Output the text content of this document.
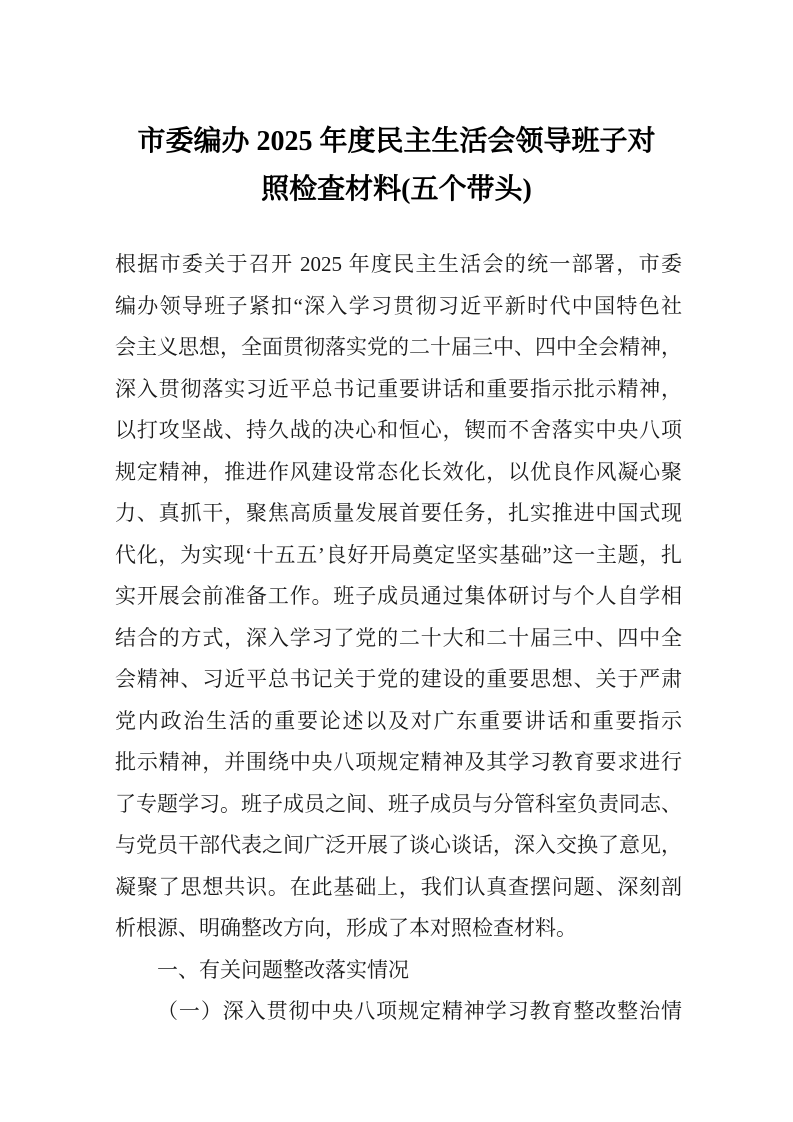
市委编办 2025 年度民主生活会领导班子对
照检查材料(五个带头)
根据市委关于召开 2025 年度民主生活会的统一部署，市委
编办领导班子紧扣“深入学习贯彻习近平新时代中国特色社
会主义思想，全面贯彻落实党的二十届三中、四中全会精神，
深入贯彻落实习近平总书记重要讲话和重要指示批示精神，
以打攻坚战、持久战的决心和恒心，锲而不舍落实中央八项
规定精神，推进作风建设常态化长效化，以优良作风凝心聚
力、真抓干，聚焦高质量发展首要任务，扎实推进中国式现
代化，为实现‘十五五’良好开局奠定坚实基础”这一主题，扎
实开展会前准备工作。班子成员通过集体研讨与个人自学相
结合的方式，深入学习了党的二十大和二十届三中、四中全
会精神、习近平总书记关于党的建设的重要思想、关于严肃
党内政治生活的重要论述以及对广东重要讲话和重要指示
批示精神，并围绕中央八项规定精神及其学习教育要求进行
了专题学习。班子成员之间、班子成员与分管科室负责同志、
与党员干部代表之间广泛开展了谈心谈话，深入交换了意见，
凝聚了思想共识。在此基础上，我们认真查摆问题、深刻剖
析根源、明确整改方向，形成了本对照检查材料。
一、有关问题整改落实情况
（一）深入贯彻中央八项规定精神学习教育整改整治情
